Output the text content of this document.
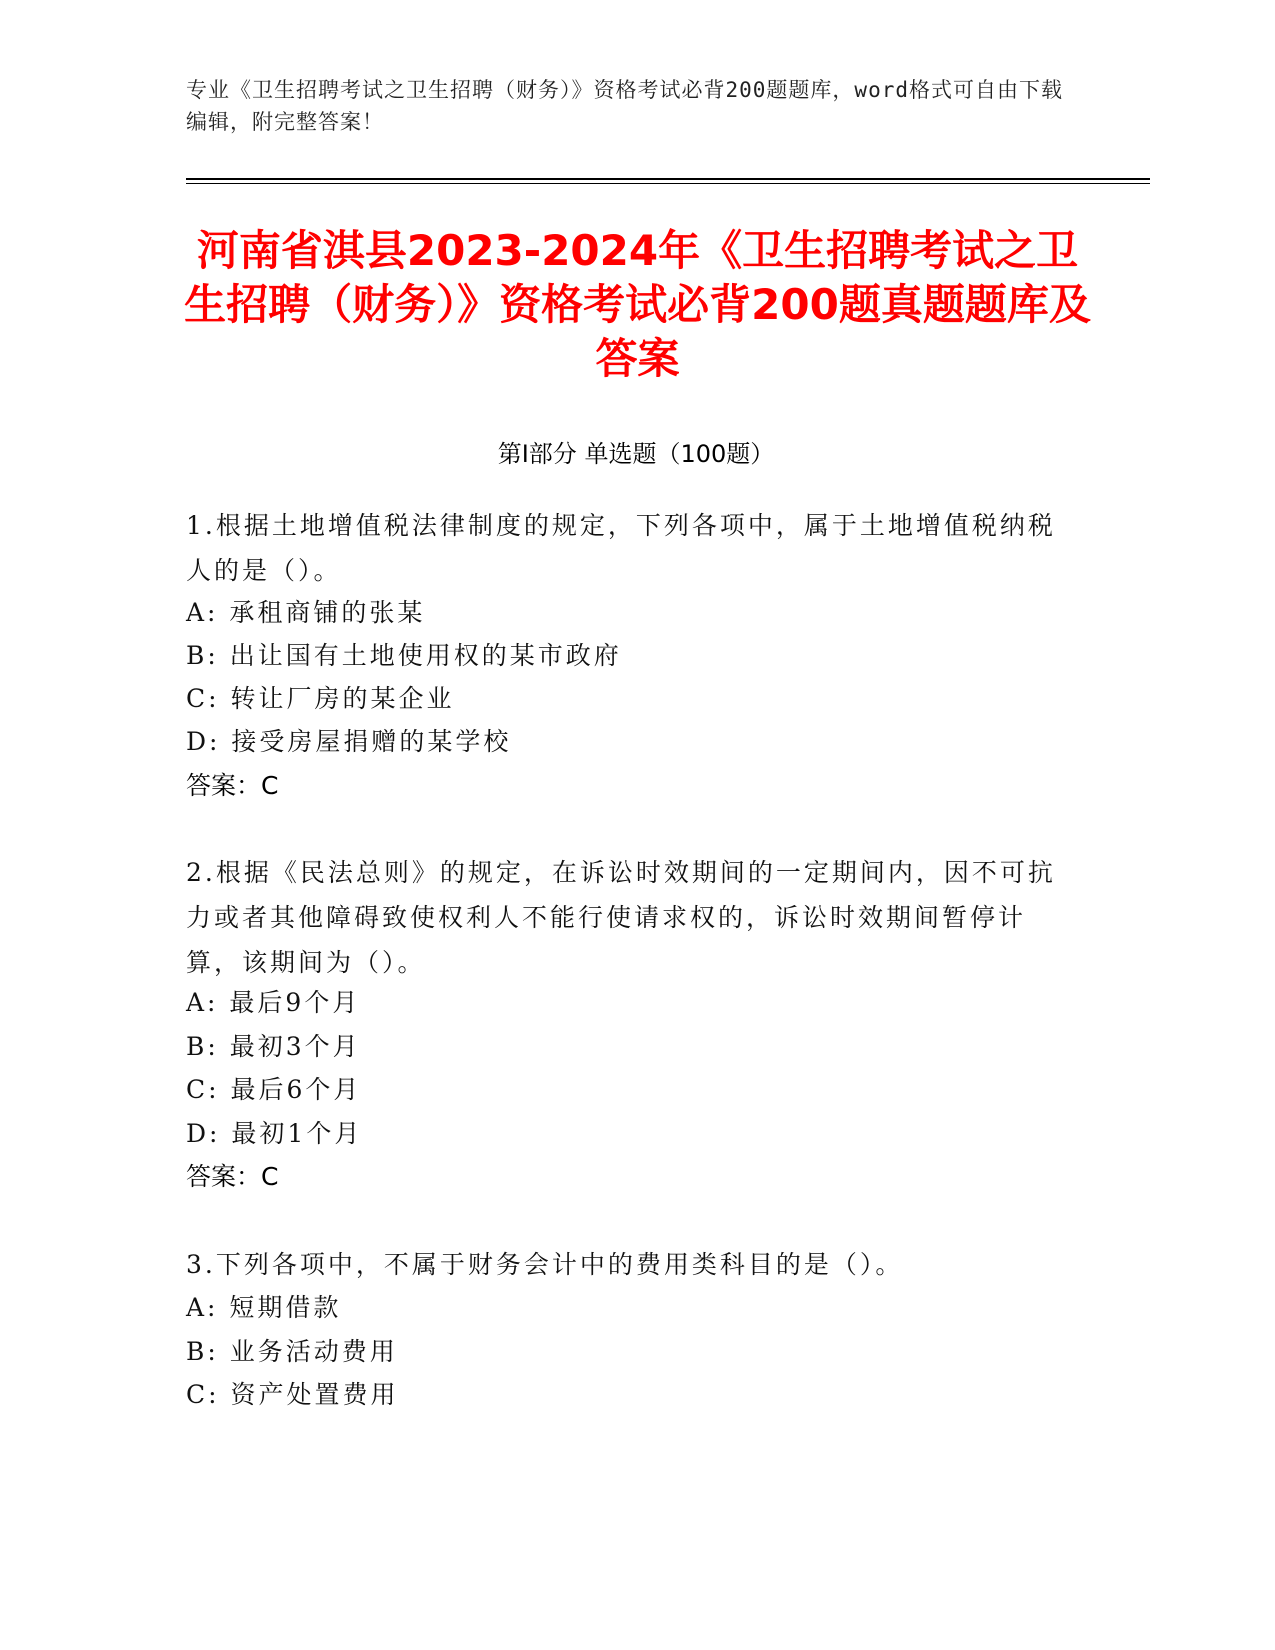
专业《卫生招聘考试之卫生招聘（财务）》资格考试必背200题题库，word格式可自由下载编辑，附完整答案！
河南省淇县2023-2024年《卫生招聘考试之卫生招聘（财务）》资格考试必背200题真题题库及答案
第Ⅰ部分 单选题（100题）
1.根据土地增值税法律制度的规定，下列各项中，属于土地增值税纳税人的是（）。
A: 承租商铺的张某
B: 出让国有土地使用权的某市政府
C: 转让厂房的某企业
D: 接受房屋捐赠的某学校
答案：C
2.根据《民法总则》的规定，在诉讼时效期间的一定期间内，因不可抗力或者其他障碍致使权利人不能行使请求权的，诉讼时效期间暂停计算，该期间为（）。
A: 最后9个月
B: 最初3个月
C: 最后6个月
D: 最初1个月
答案：C
3.下列各项中，不属于财务会计中的费用类科目的是（）。
A: 短期借款
B: 业务活动费用
C: 资产处置费用
